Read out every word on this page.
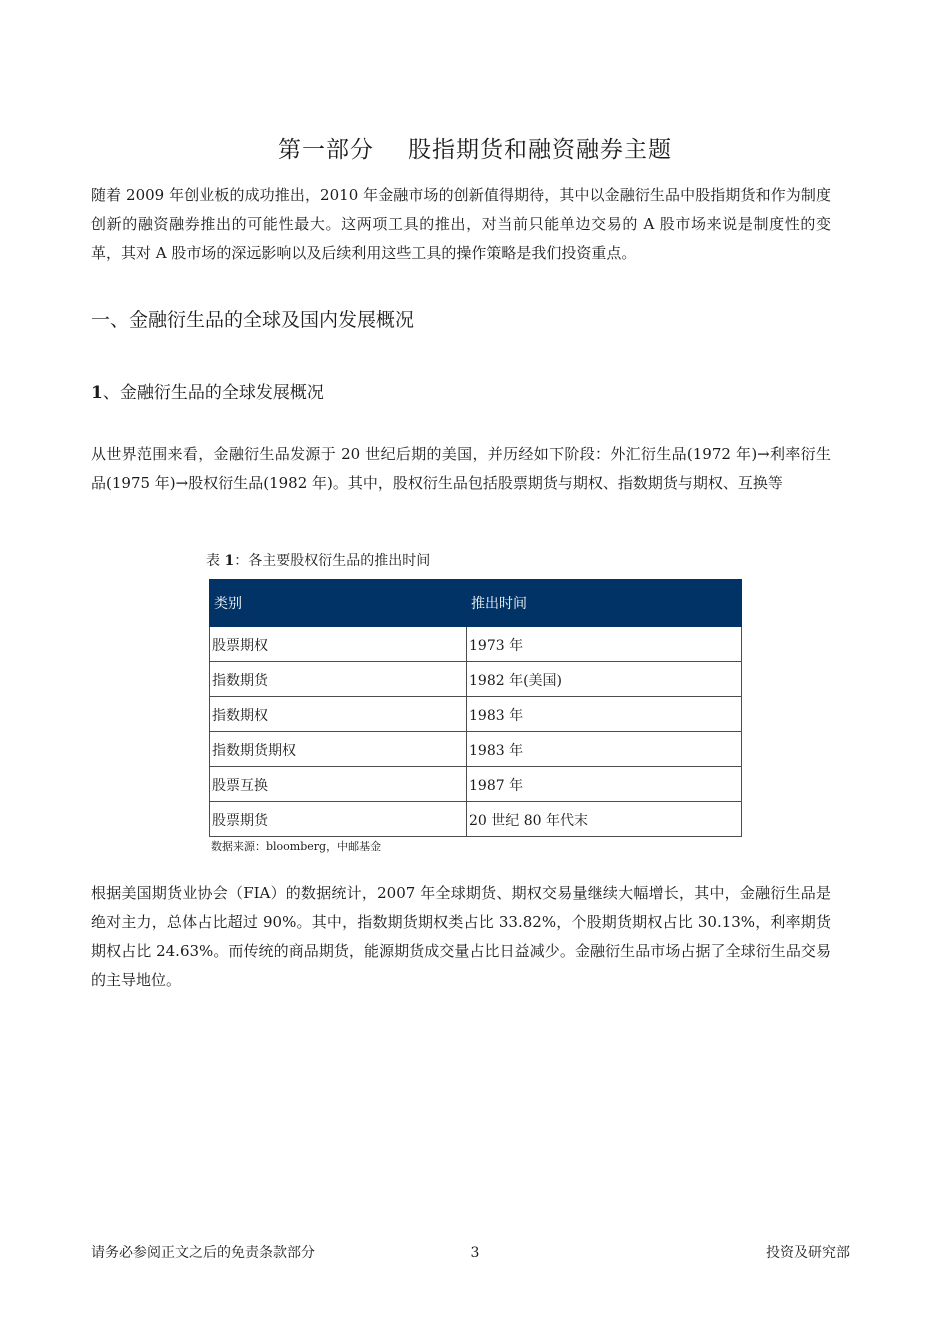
第一部分 股指期货和融资融券主题

随着 2009 年创业板的成功推出，2010 年金融市场的创新值得期待，其中以金融衍生品中股指期货和作为制度创新的融资融券推出的可能性最大。这两项工具的推出，对当前只能单边交易的 A 股市场来说是制度性的变革，其对 A 股市场的深远影响以及后续利用这些工具的操作策略是我们投资重点。

一、金融衍生品的全球及国内发展概况
1、金融衍生品的全球发展概况

从世界范围来看，金融衍生品发源于 20 世纪后期的美国，并历经如下阶段：外汇衍生品(1972 年)→利率衍生品(1975 年)→股权衍生品(1982 年)。其中，股权衍生品包括股票期货与期权、指数期货与期权、互换等

表 1：各主要股权衍生品的推出时间
类别	推出时间
股票期权	1973 年
指数期货	1982 年(美国)
指数期权	1983 年
指数期货期权	1983 年
股票互换	1987 年
股票期货	20 世纪 80 年代末
数据来源：bloomberg，中邮基金

根据美国期货业协会（FIA）的数据统计，2007 年全球期货、期权交易量继续大幅增长，其中，金融衍生品是绝对主力，总体占比超过 90%。其中，指数期货期权类占比 33.82%，个股期货期权占比 30.13%，利率期货期权占比 24.63%。而传统的商品期货，能源期货成交量占比日益减少。金融衍生品市场占据了全球衍生品交易的主导地位。

请务必参阅正文之后的免责条款部分	3	投资及研究部
